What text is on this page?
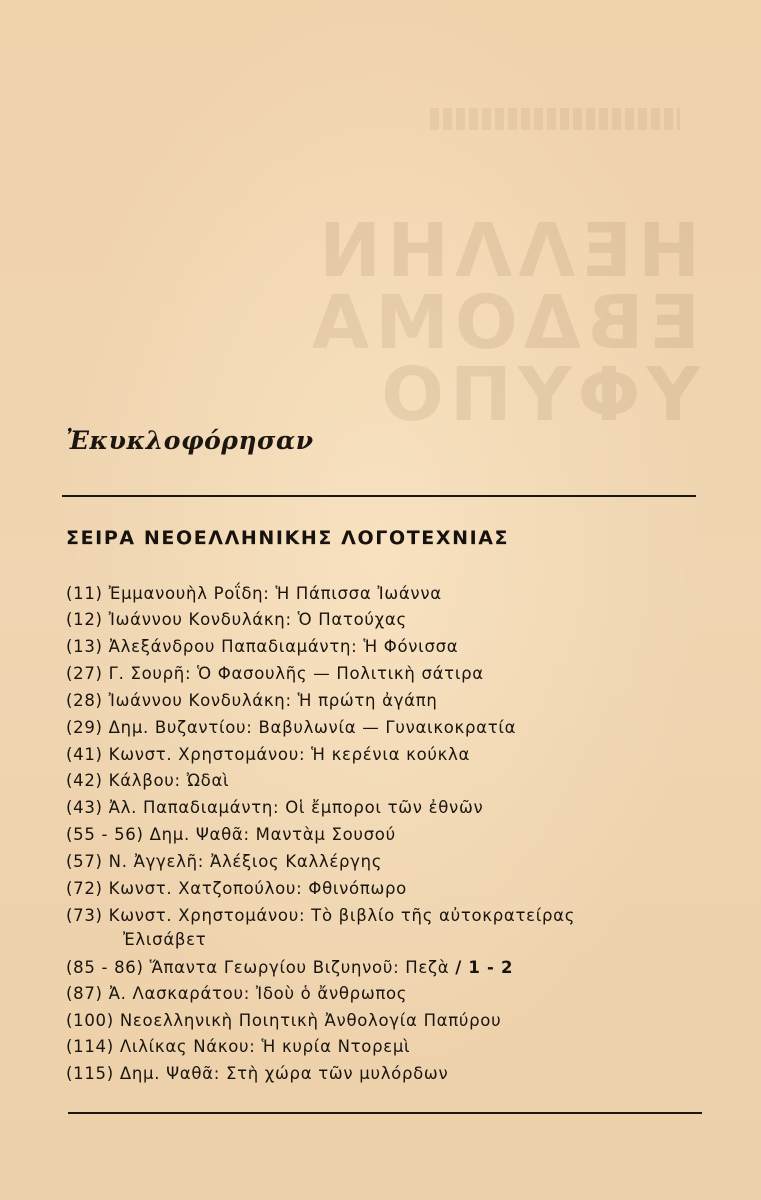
ΗΕΛΛΗΝ
ΕΒΔΟΜΑ
ΥΦΥΠΟ
Ἐκυκλοφόρησαν
ΣΕΙΡΑ ΝΕΟΕΛΛΗΝΙΚΗΣ ΛΟΓΟΤΕΧΝΙΑΣ
(11) Ἐμμανουὴλ Ροΐδη: Ἡ Πάπισσα Ἰωάννα
(12) Ἰωάννου Κονδυλάκη: Ὁ Πατούχας
(13) Ἀλεξάνδρου Παπαδιαμάντη: Ἡ Φόνισσα
(27) Γ. Σουρῆ: Ὁ Φασουλῆς — Πολιτικὴ σάτιρα
(28) Ἰωάννου Κονδυλάκη: Ἡ πρώτη ἀγάπη
(29) Δημ. Βυζαντίου: Βαβυλωνία — Γυναικοκρατία
(41) Κωνστ. Χρηστομάνου: Ἡ κερένια κούκλα
(42) Κάλβου: Ὠδαὶ
(43) Ἀλ. Παπαδιαμάντη: Οἱ ἔμποροι τῶν ἐθνῶν
(55 - 56) Δημ. Ψαθᾶ: Μαντὰμ Σουσού
(57) Ν. Ἀγγελῆ: Ἀλέξιος Καλλέργης
(72) Κωνστ. Χατζοπούλου: Φθινόπωρο
(73) Κωνστ. Χρηστομάνου: Τὸ βιβλίο τῆς αὐτοκρατείρας
Ἐλισάβετ
(85 - 86) Ἅπαντα Γεωργίου Βιζυηνοῦ: Πεζὰ / 1 - 2
(87) Ἀ. Λασκαράτου: Ἰδοὺ ὁ ἄνθρωπος
(100) Νεοελληνικὴ Ποιητικὴ Ἀνθολογία Παπύρου
(114) Λιλίκας Νάκου: Ἡ κυρία Ντορεμὶ
(115) Δημ. Ψαθᾶ: Στὴ χώρα τῶν μυλόρδων
